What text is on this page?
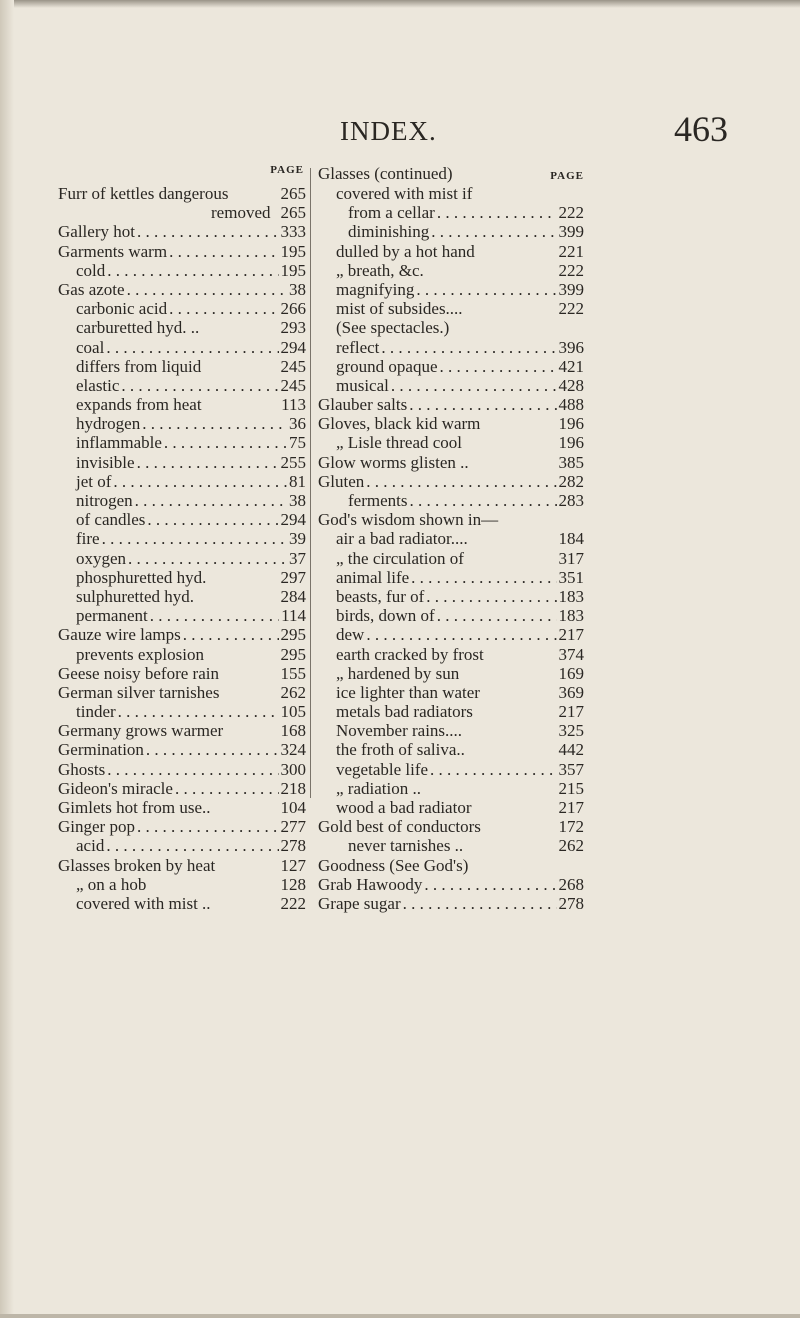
INDEX.	463
PAGE
Furr of kettles dangerous	265
removed 265
Gallery hot . . .	333
Garments warm . . .	195
cold . . .	195
Gas azote . . .	38
carbonic acid . . .	266
carburetted hyd. ..	293
coal . . .	294
differs from liquid	245
elastic . . .	245
expands from heat	113
hydrogen . . .	36
inflammable . . .	75
invisible . . .	255
jet of . . .	81
nitrogen . . .	38
of candles . . .	294
fire . . .	39
oxygen . . .	37
phosphuretted hyd.	297
sulphuretted hyd.	284
permanent . . .	114
Gauze wire lamps . . .	295
prevents explosion	295
Geese noisy before rain	155
German silver tarnishes	262
tinder . . .	105
Germany grows warmer	168
Germination . . .	324
Ghosts . . .	300
Gideon's miracle . . .	218
Gimlets hot from use..	104
Ginger pop . . .	277
acid . . .	278
Glasses broken by heat	127
„ on a hob	128
covered with mist ..	222
Glasses (continued)	PAGE
covered with mist if
from a cellar . . .	222
diminishing . . .	399
dulled by a hot hand	221
„ breath, &c.	222
magnifying . . .	399
mist of subsides....	222
(See spectacles.)
reflect . . .	396
ground opaque . . .	421
musical . . .	428
Glauber salts . . .	488
Gloves, black kid warm	196
„ Lisle thread cool	196
Glow worms glisten ..	385
Gluten . . .	282
ferments . . .	283
God's wisdom shown in—
air a bad radiator....	184
„ the circulation of	317
animal life . . .	351
beasts, fur of . . .	183
birds, down of . . .	183
dew . . .	217
earth cracked by frost	374
„ hardened by sun	169
ice lighter than water	369
metals bad radiators	217
November rains....	325
the froth of saliva..	442
vegetable life . . .	357
„ radiation ..	215
wood a bad radiator	217
Gold best of conductors	172
never tarnishes ..	262
Goodness (See God's)
Grab Hawoody . . .	268
Grape sugar . . .	278
